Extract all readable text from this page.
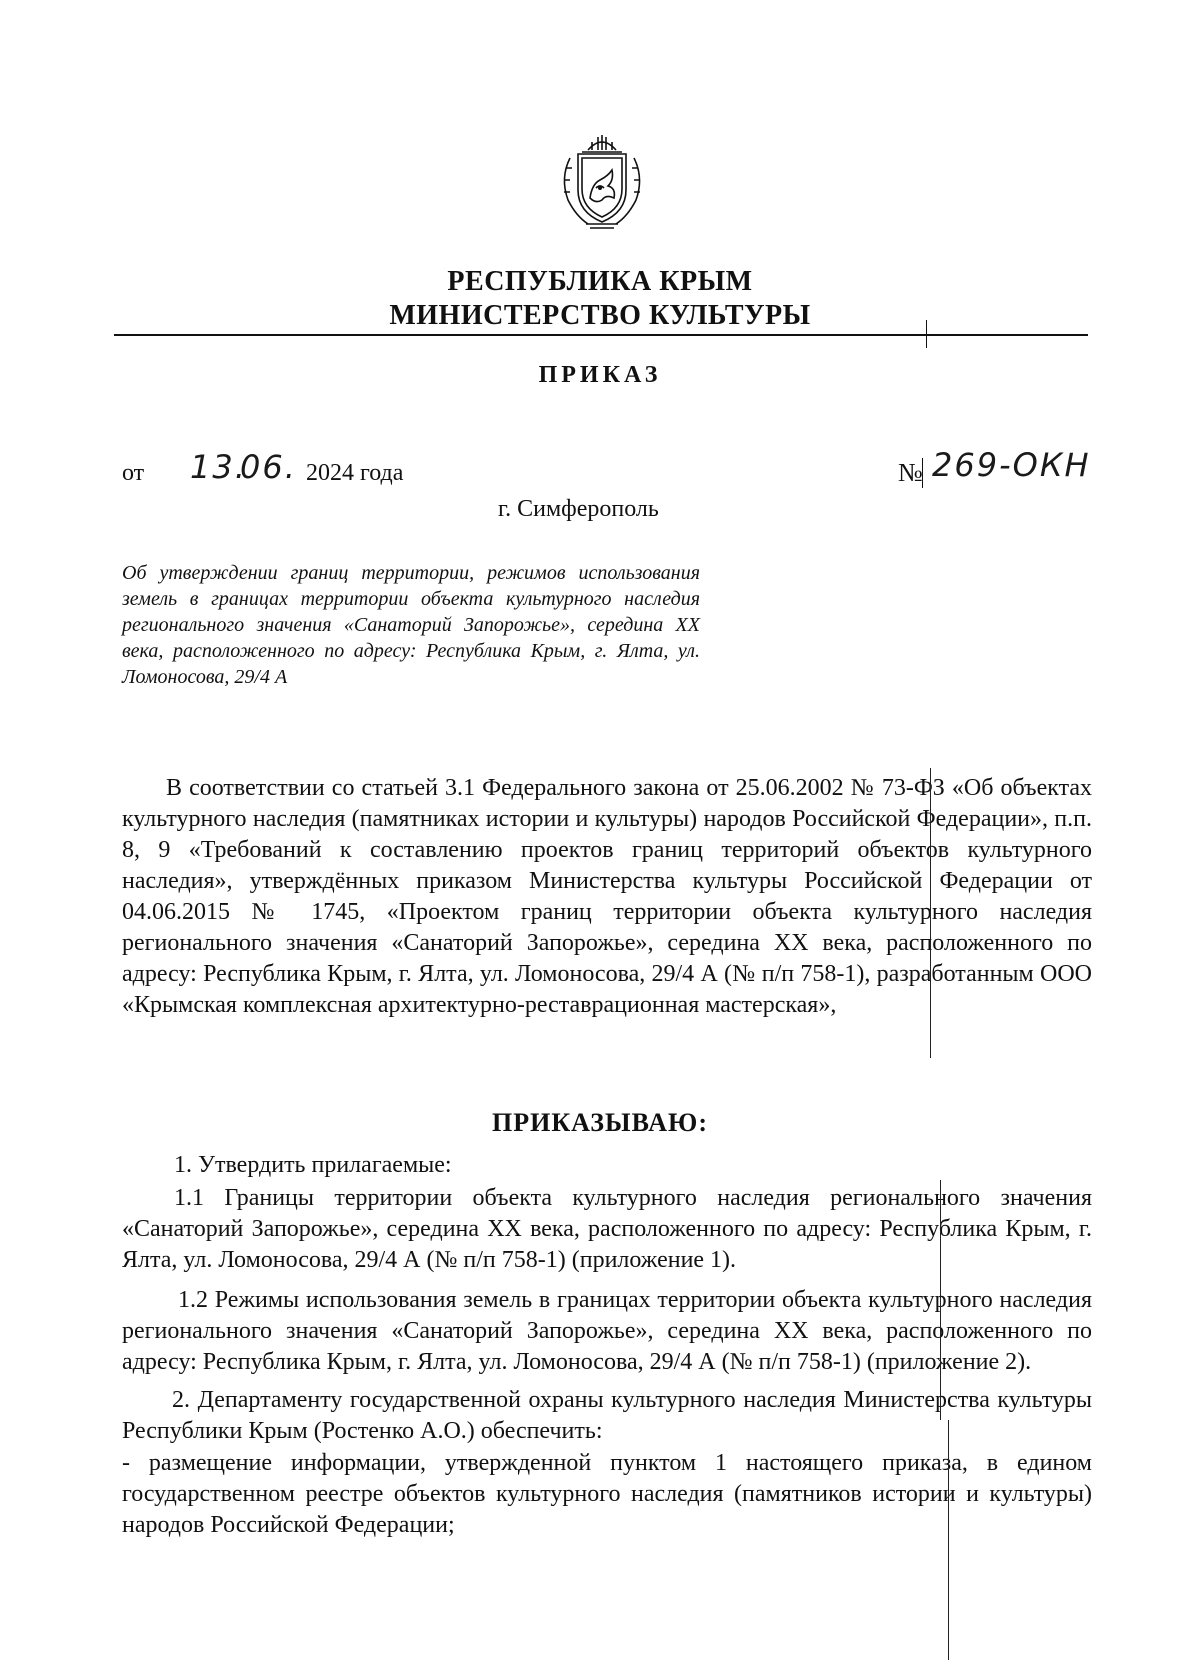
РЕСПУБЛИКА КРЫМ
МИНИСТЕРСТВО КУЛЬТУРЫ
ПРИКАЗ
от 13.
06. 2024 года	№ 269-ОКН
г. Симферополь
Об утверждении границ территории, режимов использования земель в границах территории объекта культурного наследия регионального значения «Санаторий Запорожье», середина XX века, расположенного по адресу: Республика Крым, г. Ялта, ул. Ломоносова, 29/4 А
В соответствии со статьей 3.1 Федерального закона от 25.06.2002 № 73-ФЗ «Об объектах культурного наследия (памятниках истории и культуры) народов Российской Федерации», п.п. 8, 9 «Требований к составлению проектов границ территорий объектов культурного наследия», утверждённых приказом Министерства культуры Российской Федерации от 04.06.2015 № 1745, «Проектом границ территории объекта культурного наследия регионального значения «Санаторий Запорожье», середина XX века, расположенного по адресу: Республика Крым, г. Ялта, ул. Ломоносова, 29/4 А (№ п/п 758-1), разработанным ООО «Крымская комплексная архитектурно-реставрационная мастерская»,
ПРИКАЗЫВАЮ:
1. Утвердить прилагаемые:
1.1 Границы территории объекта культурного наследия регионального значения «Санаторий Запорожье», середина XX века, расположенного по адресу: Республика Крым, г. Ялта, ул. Ломоносова, 29/4 А (№ п/п 758-1) (приложение 1).
1.2 Режимы использования земель в границах территории объекта культурного наследия регионального значения «Санаторий Запорожье», середина XX века, расположенного по адресу: Республика Крым, г. Ялта, ул. Ломоносова, 29/4 А (№ п/п 758-1) (приложение 2).
2. Департаменту государственной охраны культурного наследия Министерства культуры Республики Крым (Ростенко А.О.) обеспечить:
- размещение информации, утвержденной пунктом 1 настоящего приказа, в едином государственном реестре объектов культурного наследия (памятников истории и культуры) народов Российской Федерации;
